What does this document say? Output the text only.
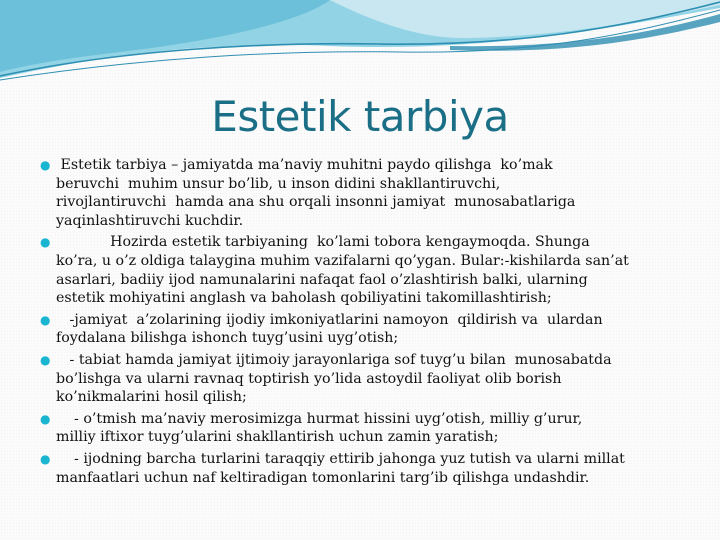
Estetik tarbiya
● Estetik tarbiya – jamiyatda ma’naviy muhitni paydo qilishga  ko’mak
beruvchi  muhim unsur bo’lib, u inson didini shakllantiruvchi,
rivojlantiruvchi  hamda ana shu orqali insonni jamiyat  munosabatlariga
yaqinlashtiruvchi kuchdir.
●	Hozirda estetik tarbiyaning  ko’lami tobora kengaymoqda. Shunga
ko’ra, u o’z oldiga talaygina muhim vazifalarni qo’ygan. Bular:-kishilarda san’at
asarlari, badiiy ijod namunalarini nafaqat faol o’zlashtirish balki, ularning
estetik mohiyatini anglash va baholash qobiliyatini takomillashtirish;
●	-jamiyat  a’zolarining ijodiy imkoniyatlarini namoyon  qildirish va  ulardan
foydalana bilishga ishonch tuyg’usini uyg’otish;
●	- tabiat hamda jamiyat ijtimoiy jarayonlariga sof tuyg’u bilan  munosabatda
bo’lishga va ularni ravnaq toptirish yo’lida astoydil faoliyat olib borish
ko’nikmalarini hosil qilish;
●	- o’tmish ma’naviy merosimizga hurmat hissini uyg’otish, milliy g’urur,
milliy iftixor tuyg’ularini shakllantirish uchun zamin yaratish;
●	- ijodning barcha turlarini taraqqiy ettirib jahonga yuz tutish va ularni millat
manfaatlari uchun naf keltiradigan tomonlarini targ’ib qilishga undashdir.
